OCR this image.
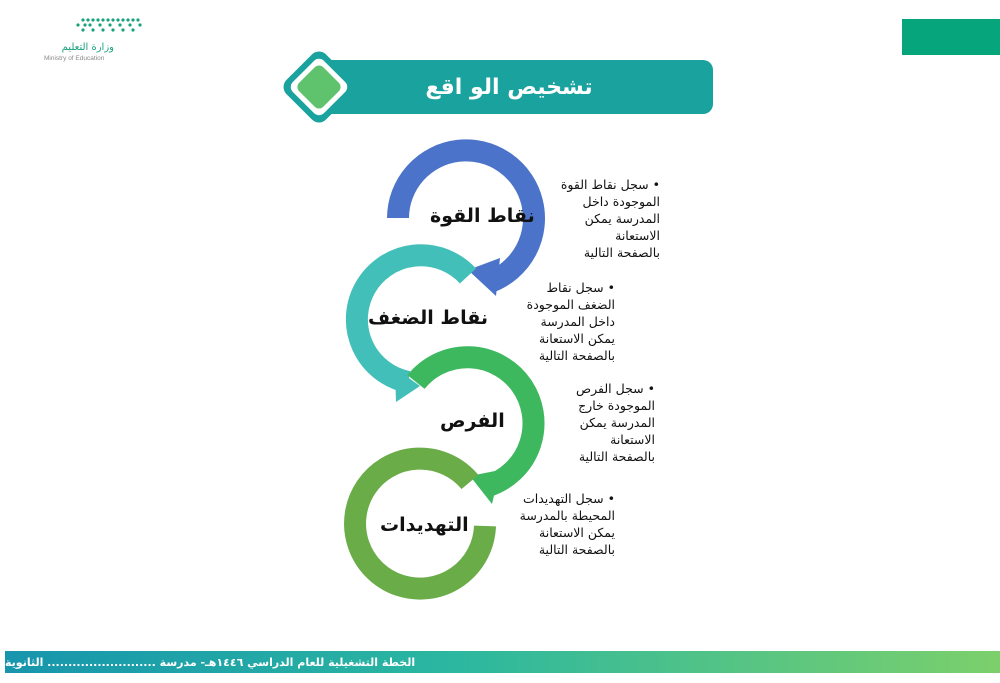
وزارة التعليم
Ministry of Education
تشخيص الو اقع
نقاط القوة
نقاط الضغف
الفرص
التهديدات
•سجل نقاط القوة
الموجودة داخل
المدرسة يمكن
الاستعانة
بالصفحة التالية
•سجل نقاط
الضغف الموجودة
داخل المدرسة
يمكن الاستعانة
بالصفحة التالية
•سجل الفرص
الموجودة خارج
المدرسة يمكن
الاستعانة
بالصفحة التالية
•سجل التهديدات
المحيطة بالمدرسة
يمكن الاستعانة
بالصفحة التالية
الخطة التشغيلية للعام الدراسي ١٤٤٦هـ- مدرسة .......................... الثانوية
